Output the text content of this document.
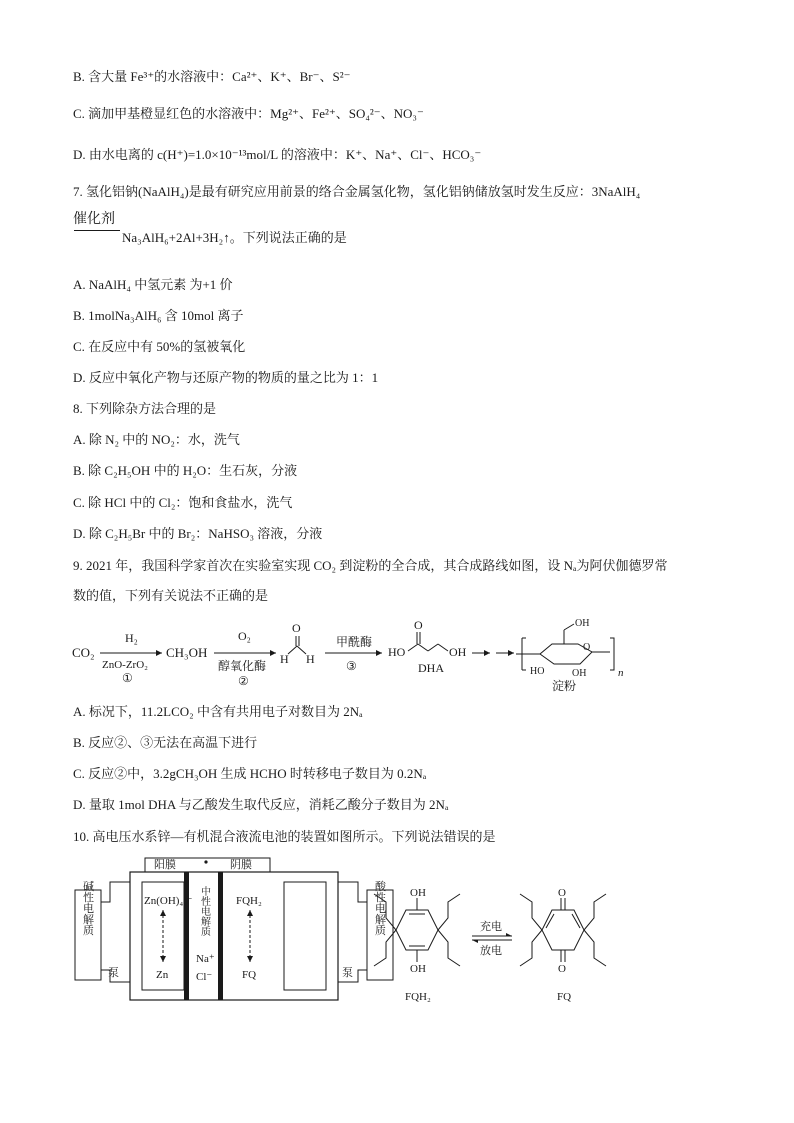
B. 含大量 Fe³⁺的水溶液中：Ca²⁺、K⁺、Br⁻、S²⁻
C. 滴加甲基橙显红色的水溶液中：Mg²⁺、Fe²⁺、SO₄²⁻、NO₃⁻
D. 由水电离的 c(H⁺)=1.0×10⁻¹³mol/L 的溶液中：K⁺、Na⁺、Cl⁻、HCO₃⁻
7. 氢化铝钠(NaAlH₄)是最有研究应用前景的络合金属氢化物，氢化铝钠储放氢时发生反应：3NaAlH₄
催化剂
Na₃AlH₆+2Al+3H₂↑。下列说法正确的是
A. NaAlH₄ 中氢元素 为+1 价
B. 1molNa₃AlH₆ 含 10mol 离子
C. 在反应中有 50%的氢被氧化
D. 反应中氧化产物与还原产物的物质的量之比为 1：1
8. 下列除杂方法合理的是
A. 除 N₂ 中的 NO₂：水，洗气
B. 除 C₂H₅OH 中的 H₂O：生石灰，分液
C. 除 HCl 中的 Cl₂：饱和食盐水，洗气
D. 除 C₂H₅Br 中的 Br₂：NaHSO₃ 溶液，分液
9. 2021 年，我国科学家首次在实验室实现 CO₂ 到淀粉的全合成，其合成路线如图，设 Nₐ为阿伏伽德罗常
数的值，下列有关说法不正确的是
CO₂
H₂
ZnO-ZrO₂
①
CH₃OH
O₂
醇氧化酶
②
O
H H
甲酰酶
③
HO
O
OH
DHA
OH
HO	OH
O
n
淀粉
A. 标况下，11.2LCO₂ 中含有共用电子对数目为 2Nₐ
B. 反应②、③无法在高温下进行
C. 反应②中，3.2gCH₃OH 生成 HCHO 时转移电子数目为 0.2Nₐ
D. 量取 1mol DHA 与乙酸发生取代反应，消耗乙酸分子数目为 2Nₐ
10. 高电压水系锌—有机混合液流电池的装置如图所示。下列说法错误的是
碱性电解质	酸性电解质
阳膜	阴膜
中性电解质
Na⁺
Cl⁻
Zn(OH)₄²⁻
Zn
泵
FQH₂
FQ	泵
OH
OH
FQH₂
充电
放电
O
O
FQ
